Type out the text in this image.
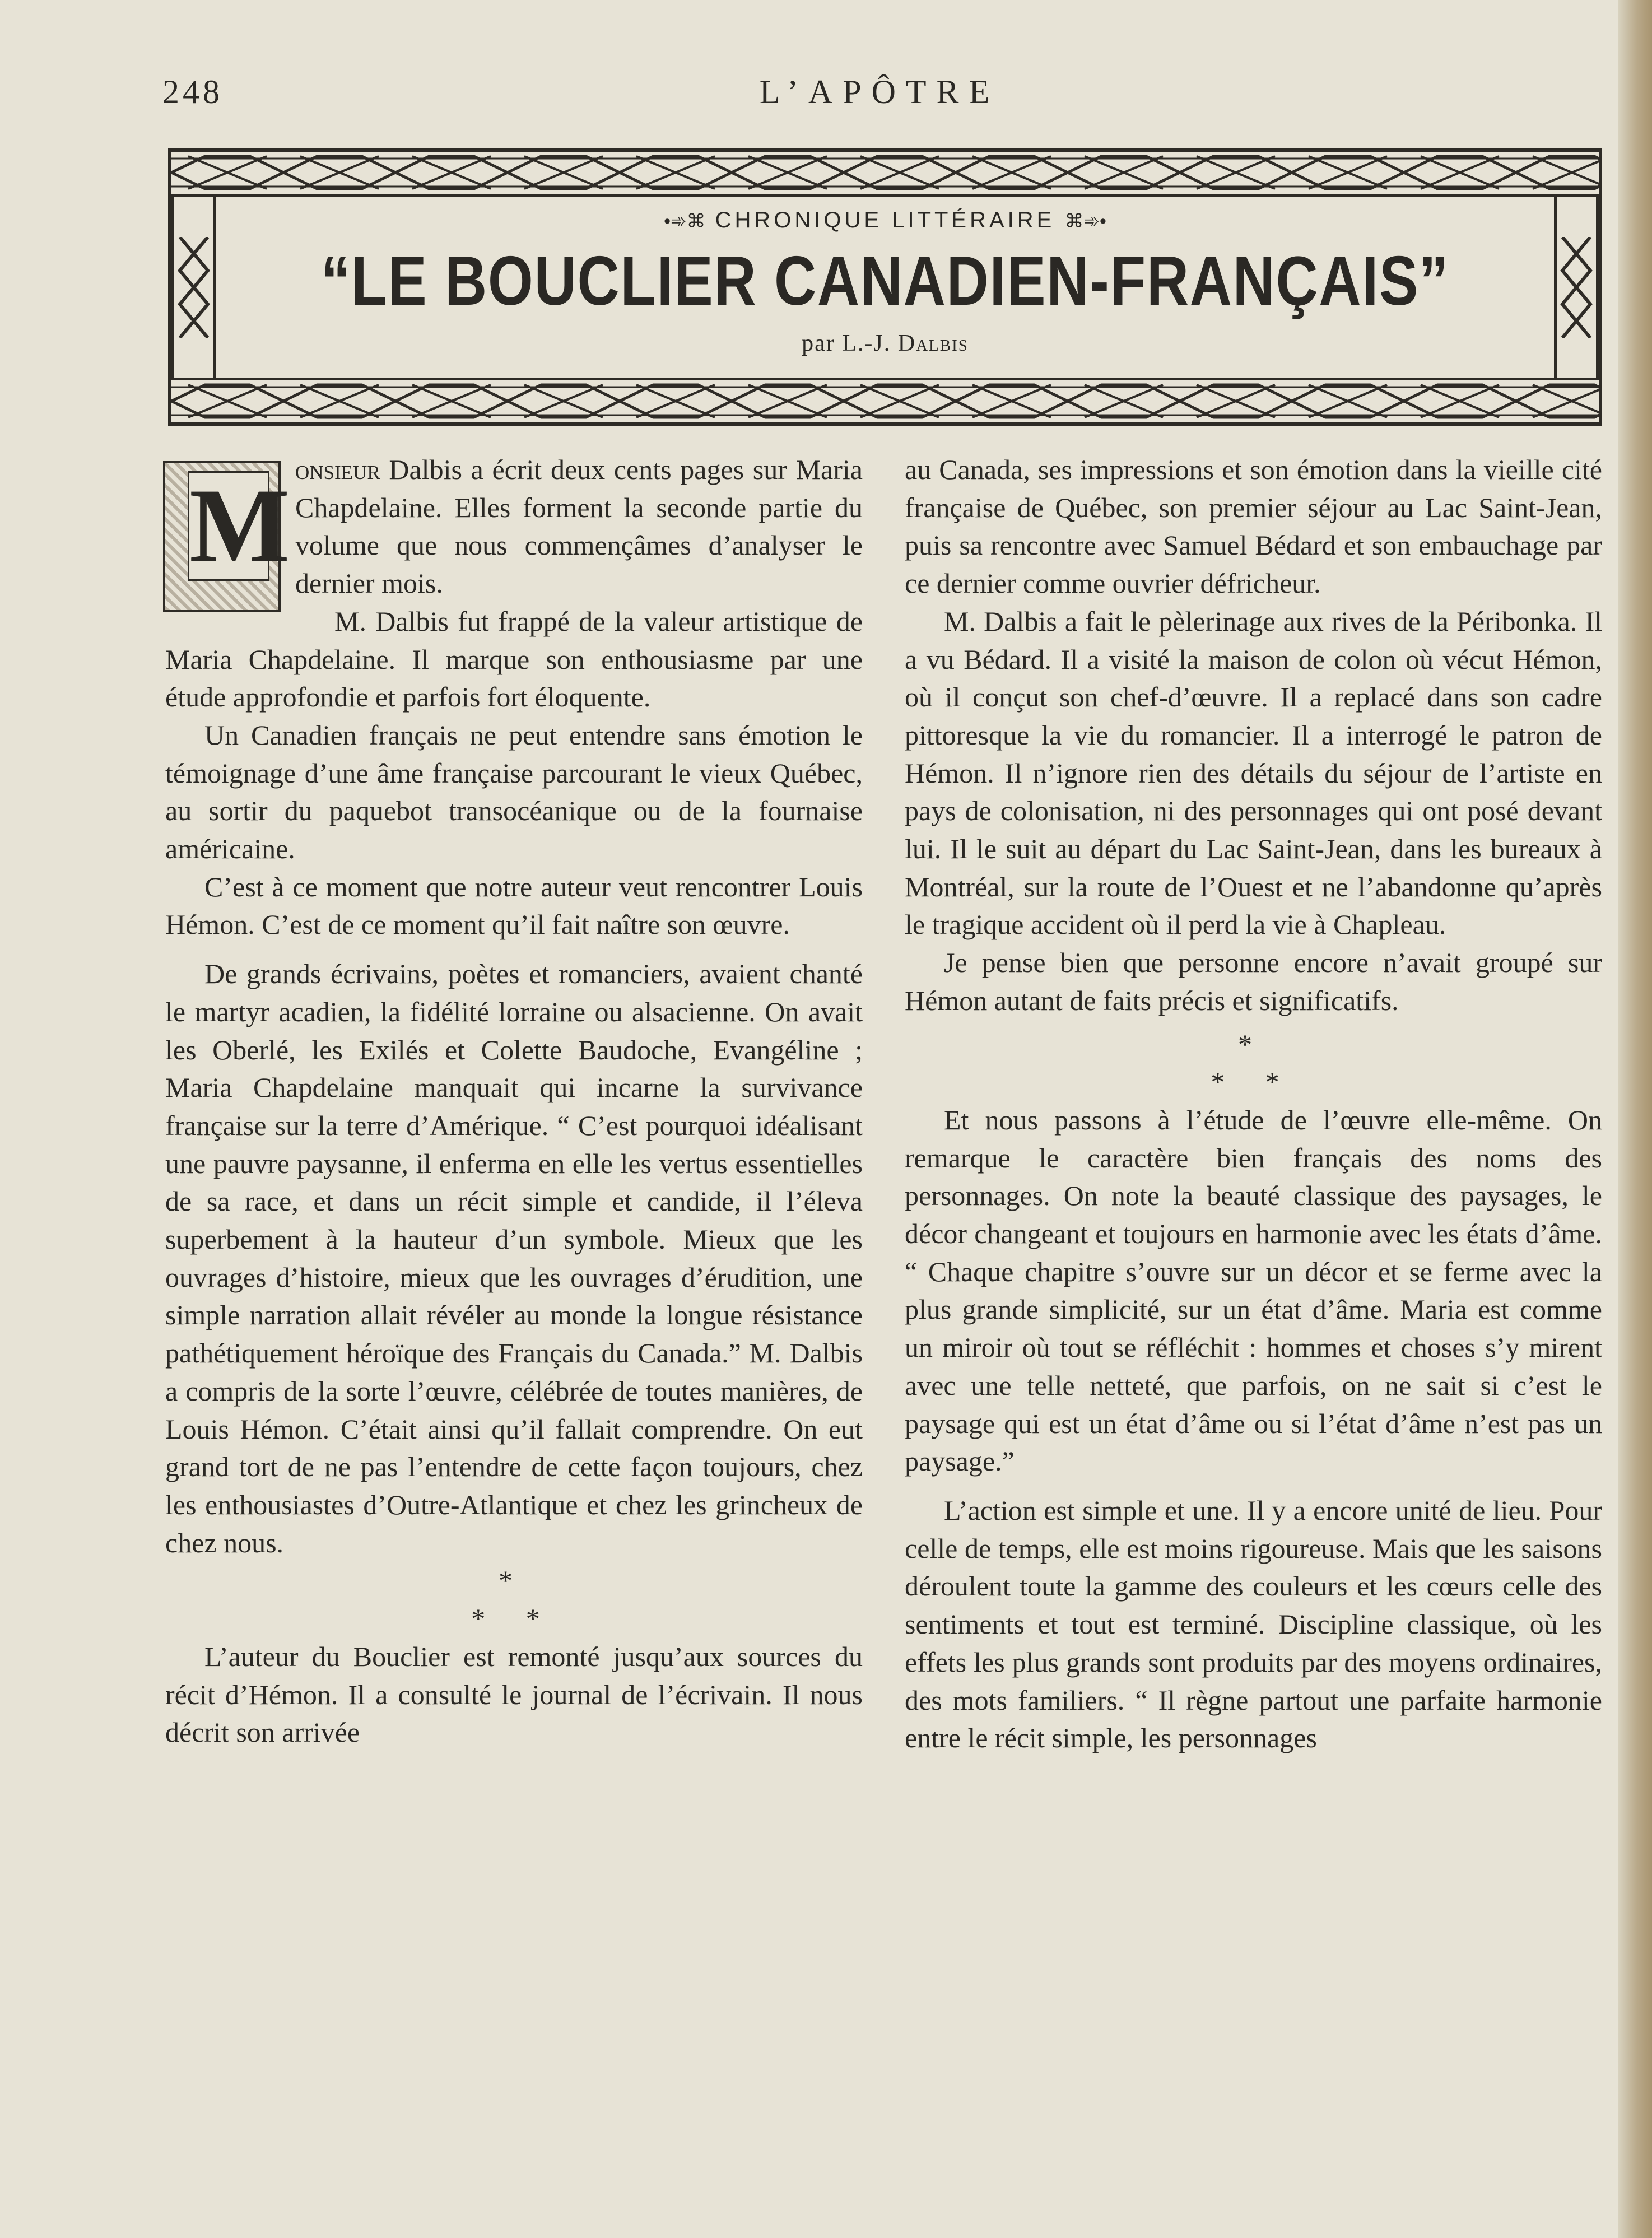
248	L’APÔTRE
•➾⌘ CHRONIQUE LITTÉRAIRE ⌘➾•
“LE BOUCLIER CANADIEN-FRANÇAIS”
par L.-J. Dalbis
M onsieur Dalbis a écrit deux cents pages sur Maria Chapdelaine. Elles forment la seconde partie du volume que nous commençâmes d’analyser le dernier mois.

M. Dalbis fut frappé de la valeur artistique de Maria Chapdelaine. Il marque son enthousiasme par une étude approfondie et parfois fort éloquente.

Un Canadien français ne peut entendre sans émotion le témoignage d’une âme française parcourant le vieux Québec, au sortir du paquebot transocéanique ou de la fournaise américaine.

C’est à ce moment que notre auteur veut rencontrer Louis Hémon. C’est de ce moment qu’il fait naître son œuvre.

De grands écrivains, poètes et romanciers, avaient chanté le martyr acadien, la fidélité lorraine ou alsacienne. On avait les Oberlé, les Exilés et Colette Baudoche, Evangéline ; Maria Chapdelaine manquait qui incarne la survivance française sur la terre d’Amérique. “ C’est pourquoi idéalisant une pauvre paysanne, il enferma en elle les vertus essentielles de sa race, et dans un récit simple et candide, il l’éleva superbement à la hauteur d’un symbole. Mieux que les ouvrages d’histoire, mieux que les ouvrages d’érudition, une simple narration allait révéler au monde la longue résistance pathétiquement héroïque des Français du Canada.” M. Dalbis a compris de la sorte l’œuvre, célébrée de toutes manières, de Louis Hémon. C’était ainsi qu’il fallait comprendre. On eut grand tort de ne pas l’entendre de cette façon toujours, chez les enthousiastes d’Outre-Atlantique et chez les grincheux de chez nous.

*

* *

L’auteur du Bouclier est remonté jusqu’aux sources du récit d’Hémon. Il a consulté le journal de l’écrivain. Il nous décrit son arrivée

au Canada, ses impressions et son émotion dans la vieille cité française de Québec, son premier séjour au Lac Saint-Jean, puis sa rencontre avec Samuel Bédard et son embauchage par ce dernier comme ouvrier défricheur.

M. Dalbis a fait le pèlerinage aux rives de la Péribonka. Il a vu Bédard. Il a visité la maison de colon où vécut Hémon, où il conçut son chef-d’œuvre. Il a replacé dans son cadre pittoresque la vie du romancier. Il a interrogé le patron de Hémon. Il n’ignore rien des détails du séjour de l’artiste en pays de colonisation, ni des personnages qui ont posé devant lui. Il le suit au départ du Lac Saint-Jean, dans les bureaux à Montréal, sur la route de l’Ouest et ne l’abandonne qu’après le tragique accident où il perd la vie à Chapleau.

Je pense bien que personne encore n’avait groupé sur Hémon autant de faits précis et significatifs.

*

* *

Et nous passons à l’étude de l’œuvre elle-même. On remarque le caractère bien français des noms des personnages. On note la beauté classique des paysages, le décor changeant et toujours en harmonie avec les états d’âme. “ Chaque chapitre s’ouvre sur un décor et se ferme avec la plus grande simplicité, sur un état d’âme. Maria est comme un miroir où tout se réfléchit : hommes et choses s’y mirent avec une telle netteté, que parfois, on ne sait si c’est le paysage qui est un état d’âme ou si l’état d’âme n’est pas un paysage.”

L’action est simple et une. Il y a encore unité de lieu. Pour celle de temps, elle est moins rigoureuse. Mais que les saisons déroulent toute la gamme des couleurs et les cœurs celle des sentiments et tout est terminé. Discipline classique, où les effets les plus grands sont produits par des moyens ordinaires, des mots familiers. “ Il règne partout une parfaite harmonie entre le récit simple, les personnages
